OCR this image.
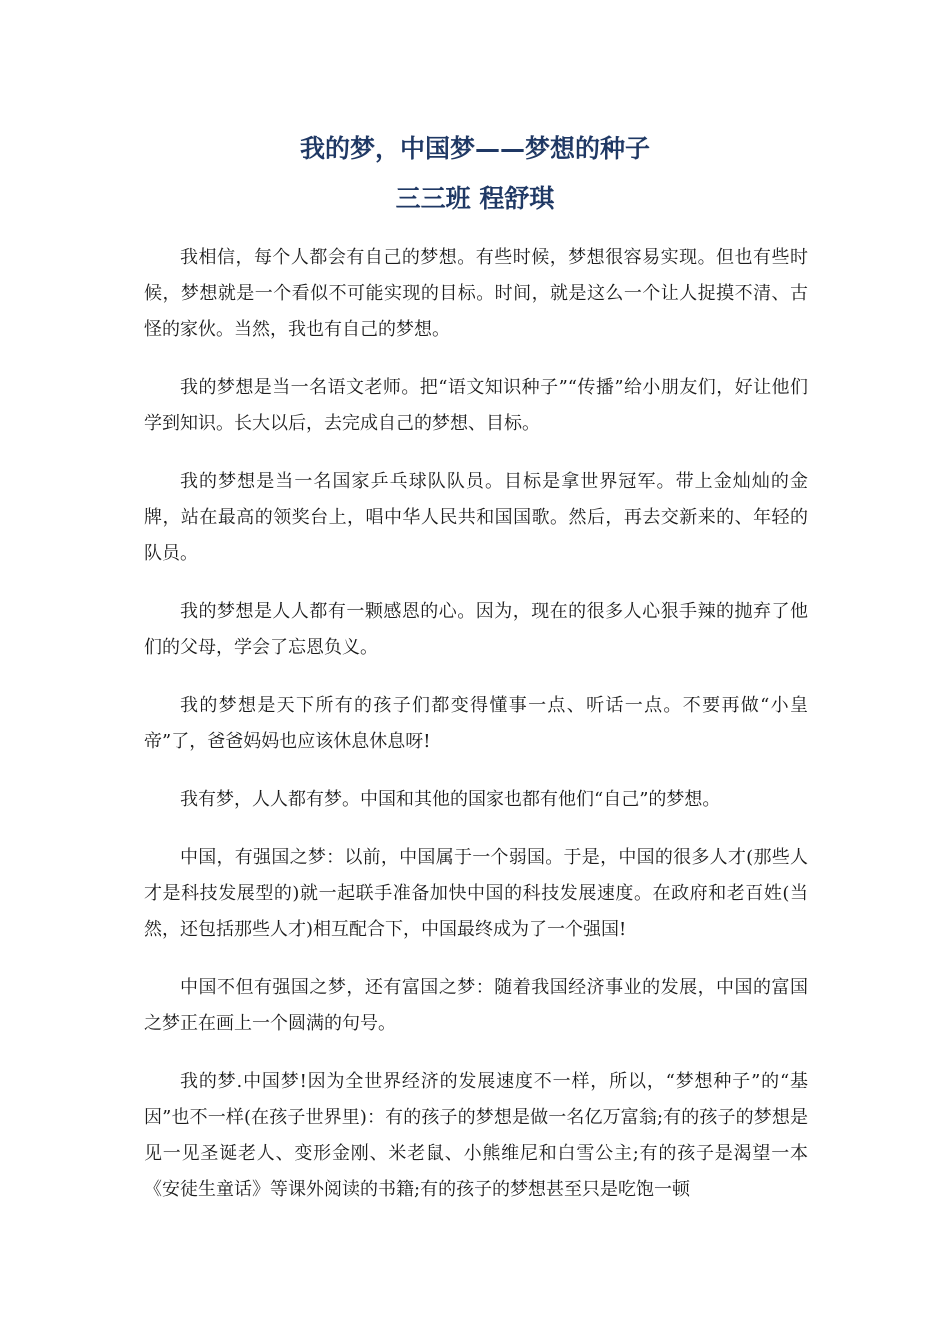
我的梦，中国梦——梦想的种子
三三班 程舒琪

我相信，每个人都会有自己的梦想。有些时候，梦想很容易实现。但也有些时候，梦想就是一个看似不可能实现的目标。时间，就是这么一个让人捉摸不清、古怪的家伙。当然，我也有自己的梦想。

我的梦想是当一名语文老师。把“语文知识种子”“传播”给小朋友们，好让他们学到知识。长大以后，去完成自己的梦想、目标。

我的梦想是当一名国家乒乓球队队员。目标是拿世界冠军。带上金灿灿的金牌，站在最高的领奖台上，唱中华人民共和国国歌。然后，再去交新来的、年轻的队员。

我的梦想是人人都有一颗感恩的心。因为，现在的很多人心狠手辣的抛弃了他们的父母，学会了忘恩负义。

我的梦想是天下所有的孩子们都变得懂事一点、听话一点。不要再做“小皇帝”了，爸爸妈妈也应该休息休息呀!

我有梦，人人都有梦。中国和其他的国家也都有他们“自己”的梦想。

中国，有强国之梦：以前，中国属于一个弱国。于是，中国的很多人才(那些人才是科技发展型的)就一起联手准备加快中国的科技发展速度。在政府和老百姓(当然，还包括那些人才)相互配合下，中国最终成为了一个强国!

中国不但有强国之梦，还有富国之梦：随着我国经济事业的发展，中国的富国之梦正在画上一个圆满的句号。

我的梦.中国梦!因为全世界经济的发展速度不一样，所以，“梦想种子”的“基因”也不一样(在孩子世界里)：有的孩子的梦想是做一名亿万富翁;有的孩子的梦想是见一见圣诞老人、变形金刚、米老鼠、小熊维尼和白雪公主;有的孩子是渴望一本《安徒生童话》等课外阅读的书籍;有的孩子的梦想甚至只是吃饱一顿
